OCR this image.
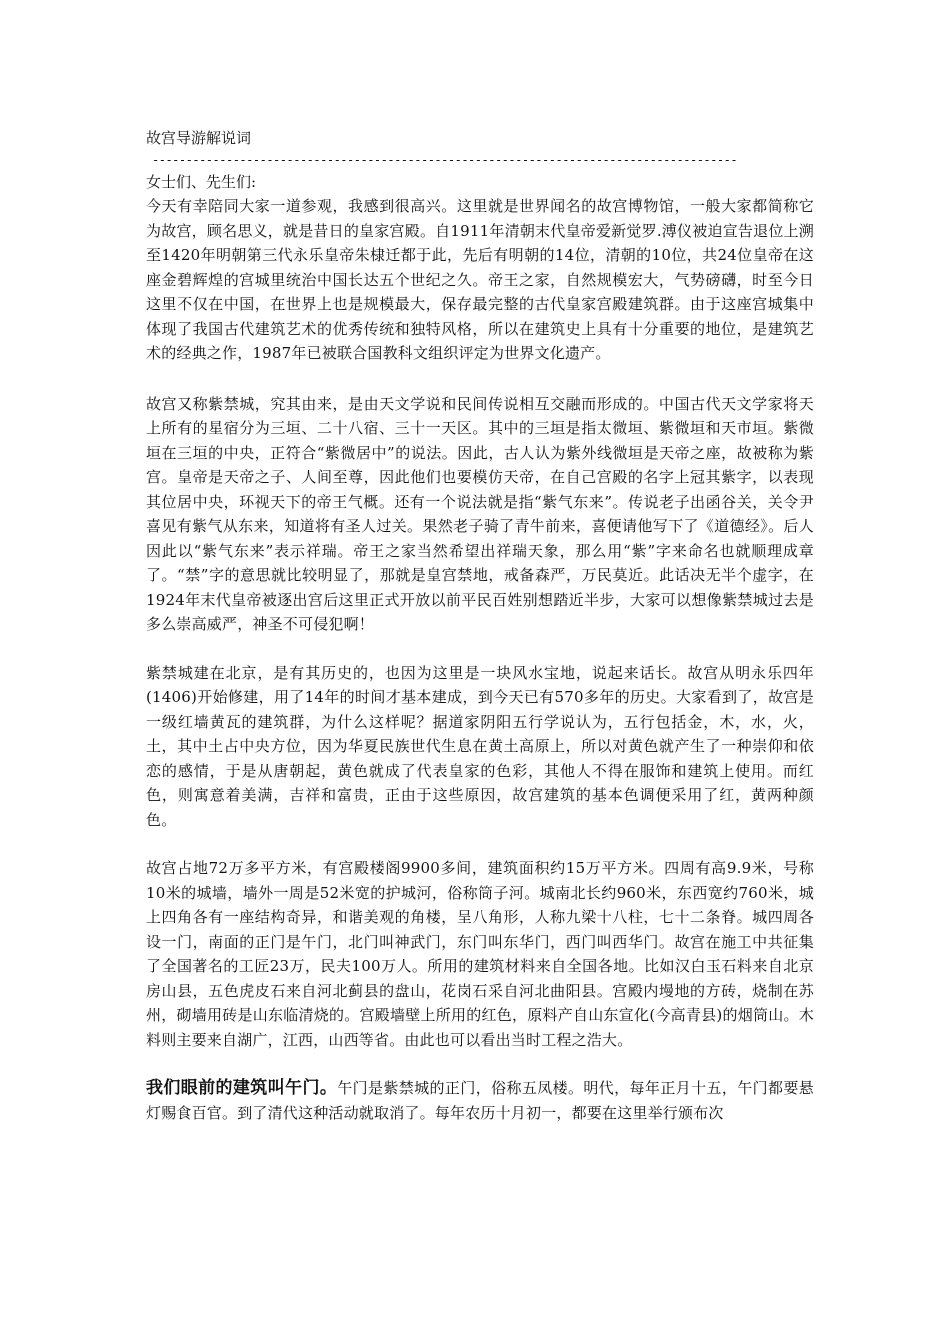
故宫导游解说词

---------------------------------------------------------------------------------------

女士们、先生们:

今天有幸陪同大家一道参观，我感到很高兴。这里就是世界闻名的故宫博物馆，一般大家都简称它为故宫，顾名思义，就是昔日的皇家宫殿。自1911年清朝末代皇帝爱新觉罗.溥仪被迫宣告退位上溯至1420年明朝第三代永乐皇帝朱棣迁都于此，先后有明朝的14位，清朝的10位，共24位皇帝在这座金碧辉煌的宫城里统治中国长达五个世纪之久。帝王之家，自然规模宏大，气势磅礴，时至今日这里不仅在中国，在世界上也是规模最大，保存最完整的古代皇家宫殿建筑群。由于这座宫城集中体现了我国古代建筑艺术的优秀传统和独特风格，所以在建筑史上具有十分重要的地位，是建筑艺术的经典之作，1987年已被联合国教科文组织评定为世界文化遗产。

故宫又称紫禁城，究其由来，是由天文学说和民间传说相互交融而形成的。中国古代天文学家将天上所有的星宿分为三垣、二十八宿、三十一天区。其中的三垣是指太微垣、紫微垣和天市垣。紫微垣在三垣的中央，正符合“紫微居中”的说法。因此，古人认为紫外线微垣是天帝之座，故被称为紫宫。皇帝是天帝之子、人间至尊，因此他们也要模仿天帝，在自己宫殿的名字上冠其紫字，以表现其位居中央，环视天下的帝王气概。还有一个说法就是指“紫气东来”。传说老子出函谷关，关令尹喜见有紫气从东来，知道将有圣人过关。果然老子骑了青牛前来，喜便请他写下了《道德经》。后人因此以“紫气东来”表示祥瑞。帝王之家当然希望出祥瑞天象，那么用“紫”字来命名也就顺理成章了。“禁”字的意思就比较明显了，那就是皇宫禁地，戒备森严，万民莫近。此话决无半个虚字，在1924年末代皇帝被逐出宫后这里正式开放以前平民百姓别想踏近半步，大家可以想像紫禁城过去是多么崇高威严，神圣不可侵犯啊！

紫禁城建在北京，是有其历史的，也因为这里是一块风水宝地，说起来话长。故宫从明永乐四年(1406)开始修建，用了14年的时间才基本建成，到今天已有570多年的历史。大家看到了，故宫是一级红墙黄瓦的建筑群，为什么这样呢？据道家阴阳五行学说认为，五行包括金，木，水，火，土，其中土占中央方位，因为华夏民族世代生息在黄土高原上，所以对黄色就产生了一种崇仰和依恋的感情，于是从唐朝起，黄色就成了代表皇家的色彩，其他人不得在服饰和建筑上使用。而红色，则寓意着美满，吉祥和富贵，正由于这些原因，故宫建筑的基本色调便采用了红，黄两种颜色。

故宫占地72万多平方米，有宫殿楼阁9900多间，建筑面积约15万平方米。四周有高9.9米，号称10米的城墙，墙外一周是52米宽的护城河，俗称筒子河。城南北长约960米，东西宽约760米，城上四角各有一座结构奇异，和谐美观的角楼，呈八角形，人称九梁十八柱，七十二条脊。城四周各设一门，南面的正门是午门，北门叫神武门，东门叫东华门，西门叫西华门。故宫在施工中共征集了全国著名的工匠23万，民夫100万人。所用的建筑材料来自全国各地。比如汉白玉石料来自北京房山县，五色虎皮石来自河北蓟县的盘山，花岗石采自河北曲阳县。宫殿内墁地的方砖，烧制在苏州，砌墙用砖是山东临清烧的。宫殿墙壁上所用的红色，原料产自山东宣化(今高青县)的烟筒山。木料则主要来自湖广，江西，山西等省。由此也可以看出当时工程之浩大。

我们眼前的建筑叫午门。午门是紫禁城的正门，俗称五凤楼。明代，每年正月十五，午门都要悬灯赐食百官。到了清代这种活动就取消了。每年农历十月初一，都要在这里举行颁布次
